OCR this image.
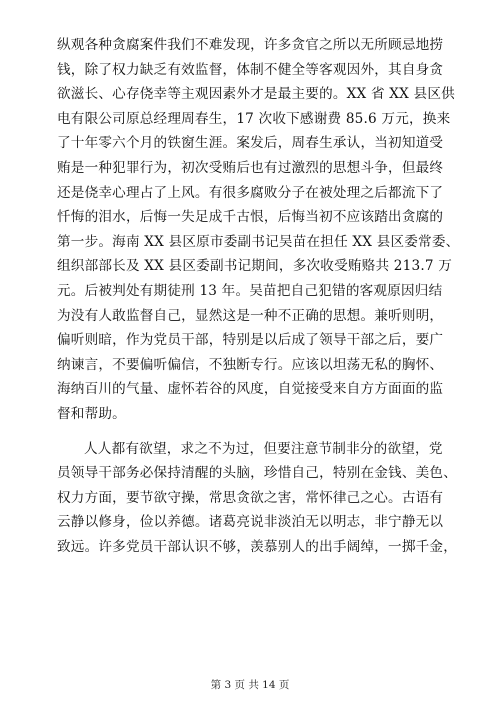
纵观各种贪腐案件我们不难发现，许多贪官之所以无所顾忌地捞
钱，除了权力缺乏有效监督，体制不健全等客观因外，其自身贪
欲滋长、心存侥幸等主观因素外才是最主要的。XX 省 XX 县区供
电有限公司原总经理周春生，17 次收下感谢费 85.6 万元，换来
了十年零六个月的铁窗生涯。案发后，周春生承认，当初知道受
贿是一种犯罪行为，初次受贿后也有过激烈的思想斗争，但最终
还是侥幸心理占了上风。有很多腐败分子在被处理之后都流下了
忏悔的泪水，后悔一失足成千古恨，后悔当初不应该踏出贪腐的
第一步。海南 XX 县区原市委副书记吴苗在担任 XX 县区委常委、
组织部部长及 XX 县区委副书记期间，多次收受贿赂共 213.7 万
元。后被判处有期徒刑 13 年。吴苗把自己犯错的客观原因归结
为没有人敢监督自己，显然这是一种不正确的思想。兼听则明，
偏听则暗，作为党员干部，特别是以后成了领导干部之后，要广
纳谏言，不要偏听偏信，不独断专行。应该以坦荡无私的胸怀、
海纳百川的气量、虚怀若谷的风度，自觉接受来自方方面面的监
督和帮助。
人人都有欲望，求之不为过，但要注意节制非分的欲望，党
员领导干部务必保持清醒的头脑，珍惜自己，特别在金钱、美色、
权力方面，要节欲守操，常思贪欲之害，常怀律己之心。古语有
云静以修身，俭以养德。诸葛亮说非淡泊无以明志，非宁静无以
致远。许多党员干部认识不够，羡慕别人的出手阔绰，一掷千金，
第 3 页 共 14 页
